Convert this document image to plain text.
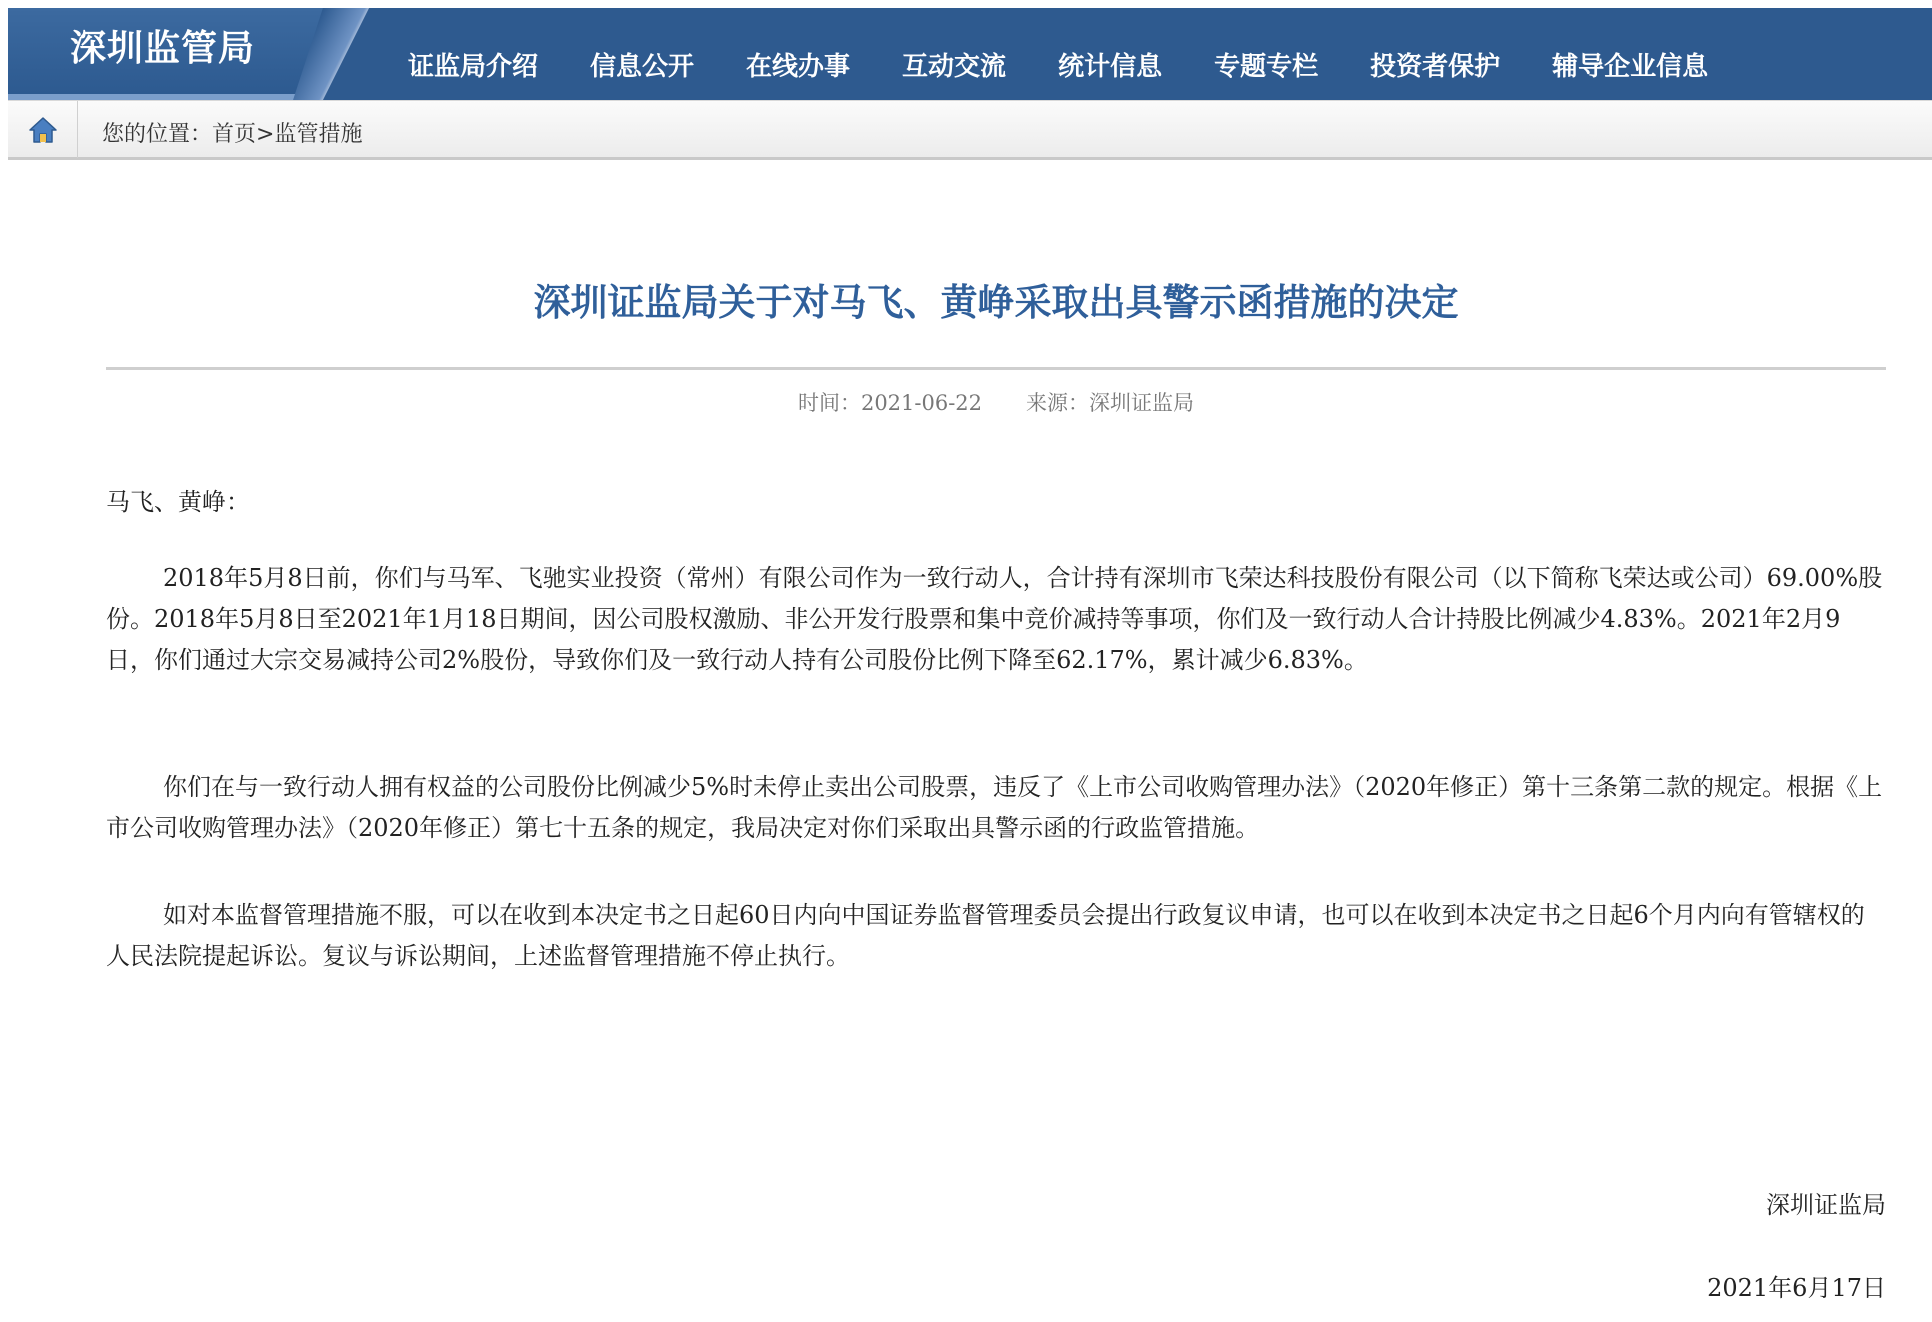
深圳监管局	证监局介绍 信息公开 在线办事 互动交流 统计信息 专题专栏 投资者保护 辅导企业信息
您的位置：首页>监管措施
深圳证监局关于对马飞、黄峥采取出具警示函措施的决定
时间：2021-06-22 来源：深圳证监局

马飞、黄峥：

2018年5月8日前，你们与马军、飞驰实业投资（常州）有限公司作为一致行动人，合计持有深圳市飞荣达科技股份有限公司（以下简称飞荣达或公司）69.00%股份。2018年5月8日至2021年1月18日期间，因公司股权激励、非公开发行股票和集中竞价减持等事项，你们及一致行动人合计持股比例减少4.83%。2021年2月9日，你们通过大宗交易减持公司2%股份，导致你们及一致行动人持有公司股份比例下降至62.17%，累计减少6.83%。

你们在与一致行动人拥有权益的公司股份比例减少5%时未停止卖出公司股票，违反了《上市公司收购管理办法》（2020年修正）第十三条第二款的规定。根据《上市公司收购管理办法》（2020年修正）第七十五条的规定，我局决定对你们采取出具警示函的行政监管措施。

如对本监督管理措施不服，可以在收到本决定书之日起60日内向中国证券监督管理委员会提出行政复议申请，也可以在收到本决定书之日起6个月内向有管辖权的人民法院提起诉讼。复议与诉讼期间，上述监督管理措施不停止执行。

深圳证监局
2021年6月17日
